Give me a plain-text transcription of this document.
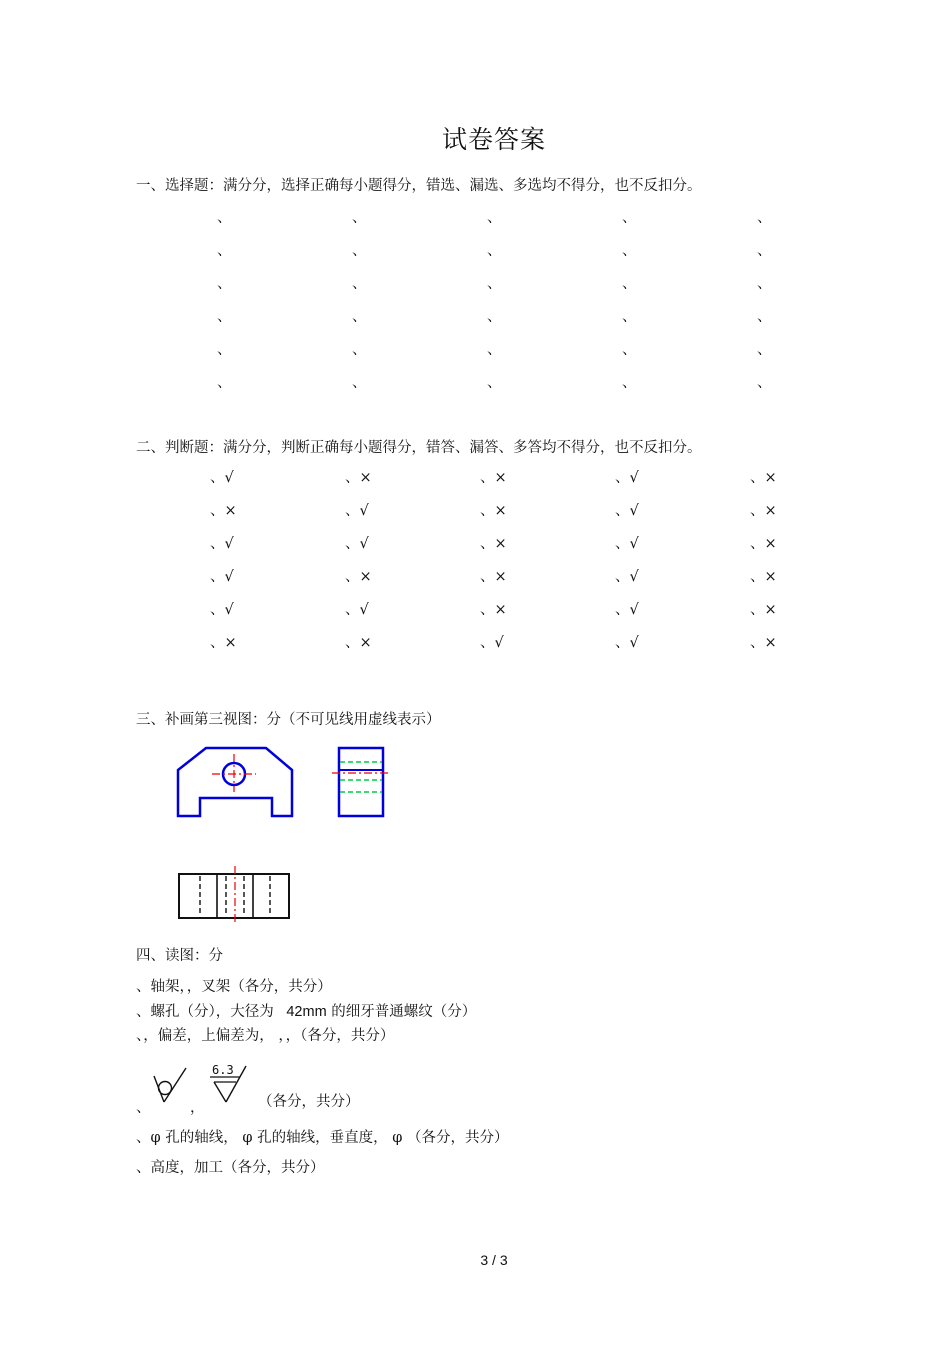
试卷答案
一、选择题：满分分，选择正确每小题得分，错选、漏选、多选均不得分，也不反扣分。
、	、	、	、	、
、	、	、	、	、
、	、	、	、	、
、	、	、	、	、
、	、	、	、	、
、	、	、	、	、
二、判断题：满分分，判断正确每小题得分，错答、漏答、多答均不得分，也不反扣分。
、√	、×	、×	、√	、×
、×	、√	、×	、√	、×
、√	、√	、×	、√	、×
、√	、×	、×	、√	、×
、√	、√	、×	、√	、×
、×	、×	、√	、√	、×
三、补画第三视图：分（不可见线用虚线表示）
四、读图：分
、轴架，，叉架（各分，共分）
、螺孔（分），大径为 42mm 的细牙普通螺纹（分）
、，偏差，上偏差为， ，，（各分，共分）
、	，
6.3
（各分，共分）
、φ 孔的轴线， φ 孔的轴线，垂直度， φ （各分，共分）
、高度，加工（各分，共分）
3 / 3
